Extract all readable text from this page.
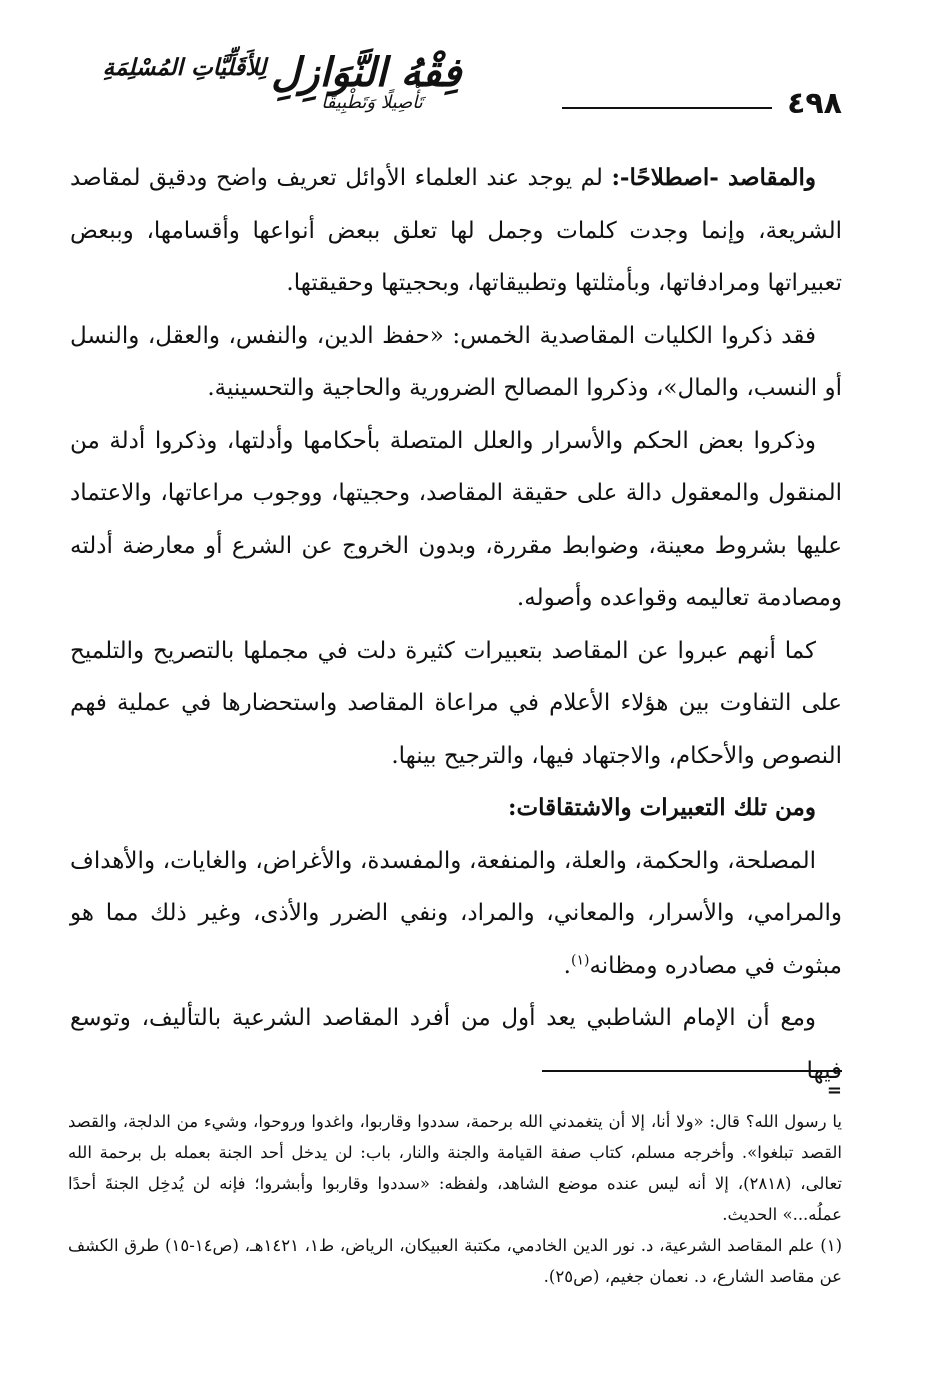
٤٩٨
فِقْهُ النَّوَازِلِ لِلأَقَلِّيَّاتِ المُسْلِمَةِ
تَأْصِيلًا وَتَطْبِيقًا

والمقاصد -اصطلاحًا-: لم يوجد عند العلماء الأوائل تعريف واضح ودقيق لمقاصد الشريعة، وإنما وجدت كلمات وجمل لها تعلق ببعض أنواعها وأقسامها، وببعض تعبيراتها ومرادفاتها، وبأمثلتها وتطبيقاتها، وبحجيتها وحقيقتها.

فقد ذكروا الكليات المقاصدية الخمس: «حفظ الدين، والنفس، والعقل، والنسل أو النسب، والمال»، وذكروا المصالح الضرورية والحاجية والتحسينية.

وذكروا بعض الحكم والأسرار والعلل المتصلة بأحكامها وأدلتها، وذكروا أدلة من المنقول والمعقول دالة على حقيقة المقاصد، وحجيتها، ووجوب مراعاتها، والاعتماد عليها بشروط معينة، وضوابط مقررة، وبدون الخروج عن الشرع أو معارضة أدلته ومصادمة تعاليمه وقواعده وأصوله.

كما أنهم عبروا عن المقاصد بتعبيرات كثيرة دلت في مجملها بالتصريح والتلميح على التفاوت بين هؤلاء الأعلام في مراعاة المقاصد واستحضارها في عملية فهم النصوص والأحكام، والاجتهاد فيها، والترجيح بينها.

ومن تلك التعبيرات والاشتقاقات:

المصلحة، والحكمة، والعلة، والمنفعة، والمفسدة، والأغراض، والغايات، والأهداف والمرامي، والأسرار، والمعاني، والمراد، ونفي الضرر والأذى، وغير ذلك مما هو مبثوث في مصادره ومظانه$^{(١)}$.

ومع أن الإمام الشاطبي يعد أول من أفرد المقاصد الشرعية بالتأليف، وتوسع فيها

=

يا رسول الله؟ قال: «ولا أنا، إلا أن يتغمدني الله برحمة، سددوا وقاربوا، واغدوا وروحوا، وشيء من الدلجة، والقصد القصد تبلغوا». وأخرجه مسلم، كتاب صفة القيامة والجنة والنار، باب: لن يدخل أحد الجنة بعمله بل برحمة الله تعالى، (٢٨١٨)، إلا أنه ليس عنده موضع الشاهد، ولفظه: «سددوا وقاربوا وأبشروا؛ فإنه لن يُدخِل الجنةَ أحدًا عملُه...» الحديث.

(١) علم المقاصد الشرعية، د. نور الدين الخادمي، مكتبة العبيكان، الرياض، ط١، ١٤٢١هـ، (ص١٤-١٥) طرق الكشف عن مقاصد الشارع، د. نعمان جغيم، (ص٢٥).
